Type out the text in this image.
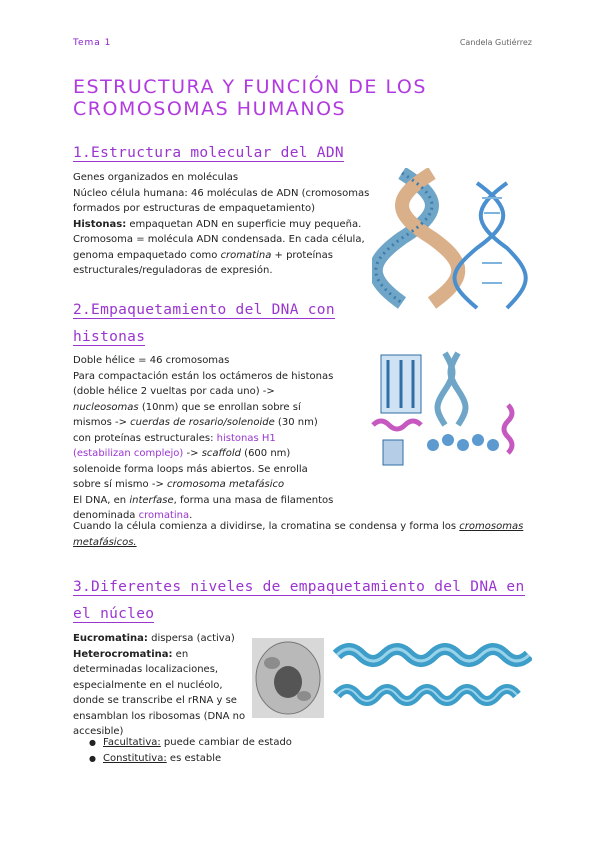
Tema 1	Candela Gutiérrez
ESTRUCTURA Y FUNCIÓN DE LOS CROMOSOMAS HUMANOS
1.Estructura molecular del ADN

Genes organizados en moléculas

Núcleo célula humana: 46 moléculas de ADN (cromosomas formados por estructuras de empaquetamiento)

Histonas: empaquetan ADN en superficie muy pequeña.

Cromosoma = molécula ADN condensada. En cada célula, genoma empaquetado como cromatina + proteínas estructurales/reguladoras de expresión.

2.Empaquetamiento del DNA con histonas

Doble hélice = 46 cromosomas

Para compactación están los octámeros de histonas (doble hélice 2 vueltas por cada uno) -> nucleosomas (10nm) que se enrollan sobre sí mismos -> cuerdas de rosario/solenoide (30 nm) con proteínas estructurales: histonas H1 (estabilizan complejo) -> scaffold (600 nm) solenoide forma loops más abiertos. Se enrolla sobre sí mismo -> cromosoma metafásico

El DNA, en interfase, forma una masa de filamentos denominada cromatina.

Cuando la célula comienza a dividirse, la cromatina se condensa y forma los cromosomas metafásicos.

3.Diferentes niveles de empaquetamiento del DNA en el núcleo

Eucromatina: dispersa (activa)

Heterocromatina: en determinadas localizaciones, especialmente en el nucléolo, donde se transcribe el rRNA y se ensamblan los ribosomas (DNA no accesible)

● Facultativa: puede cambiar de estado
● Constitutiva: es estable
